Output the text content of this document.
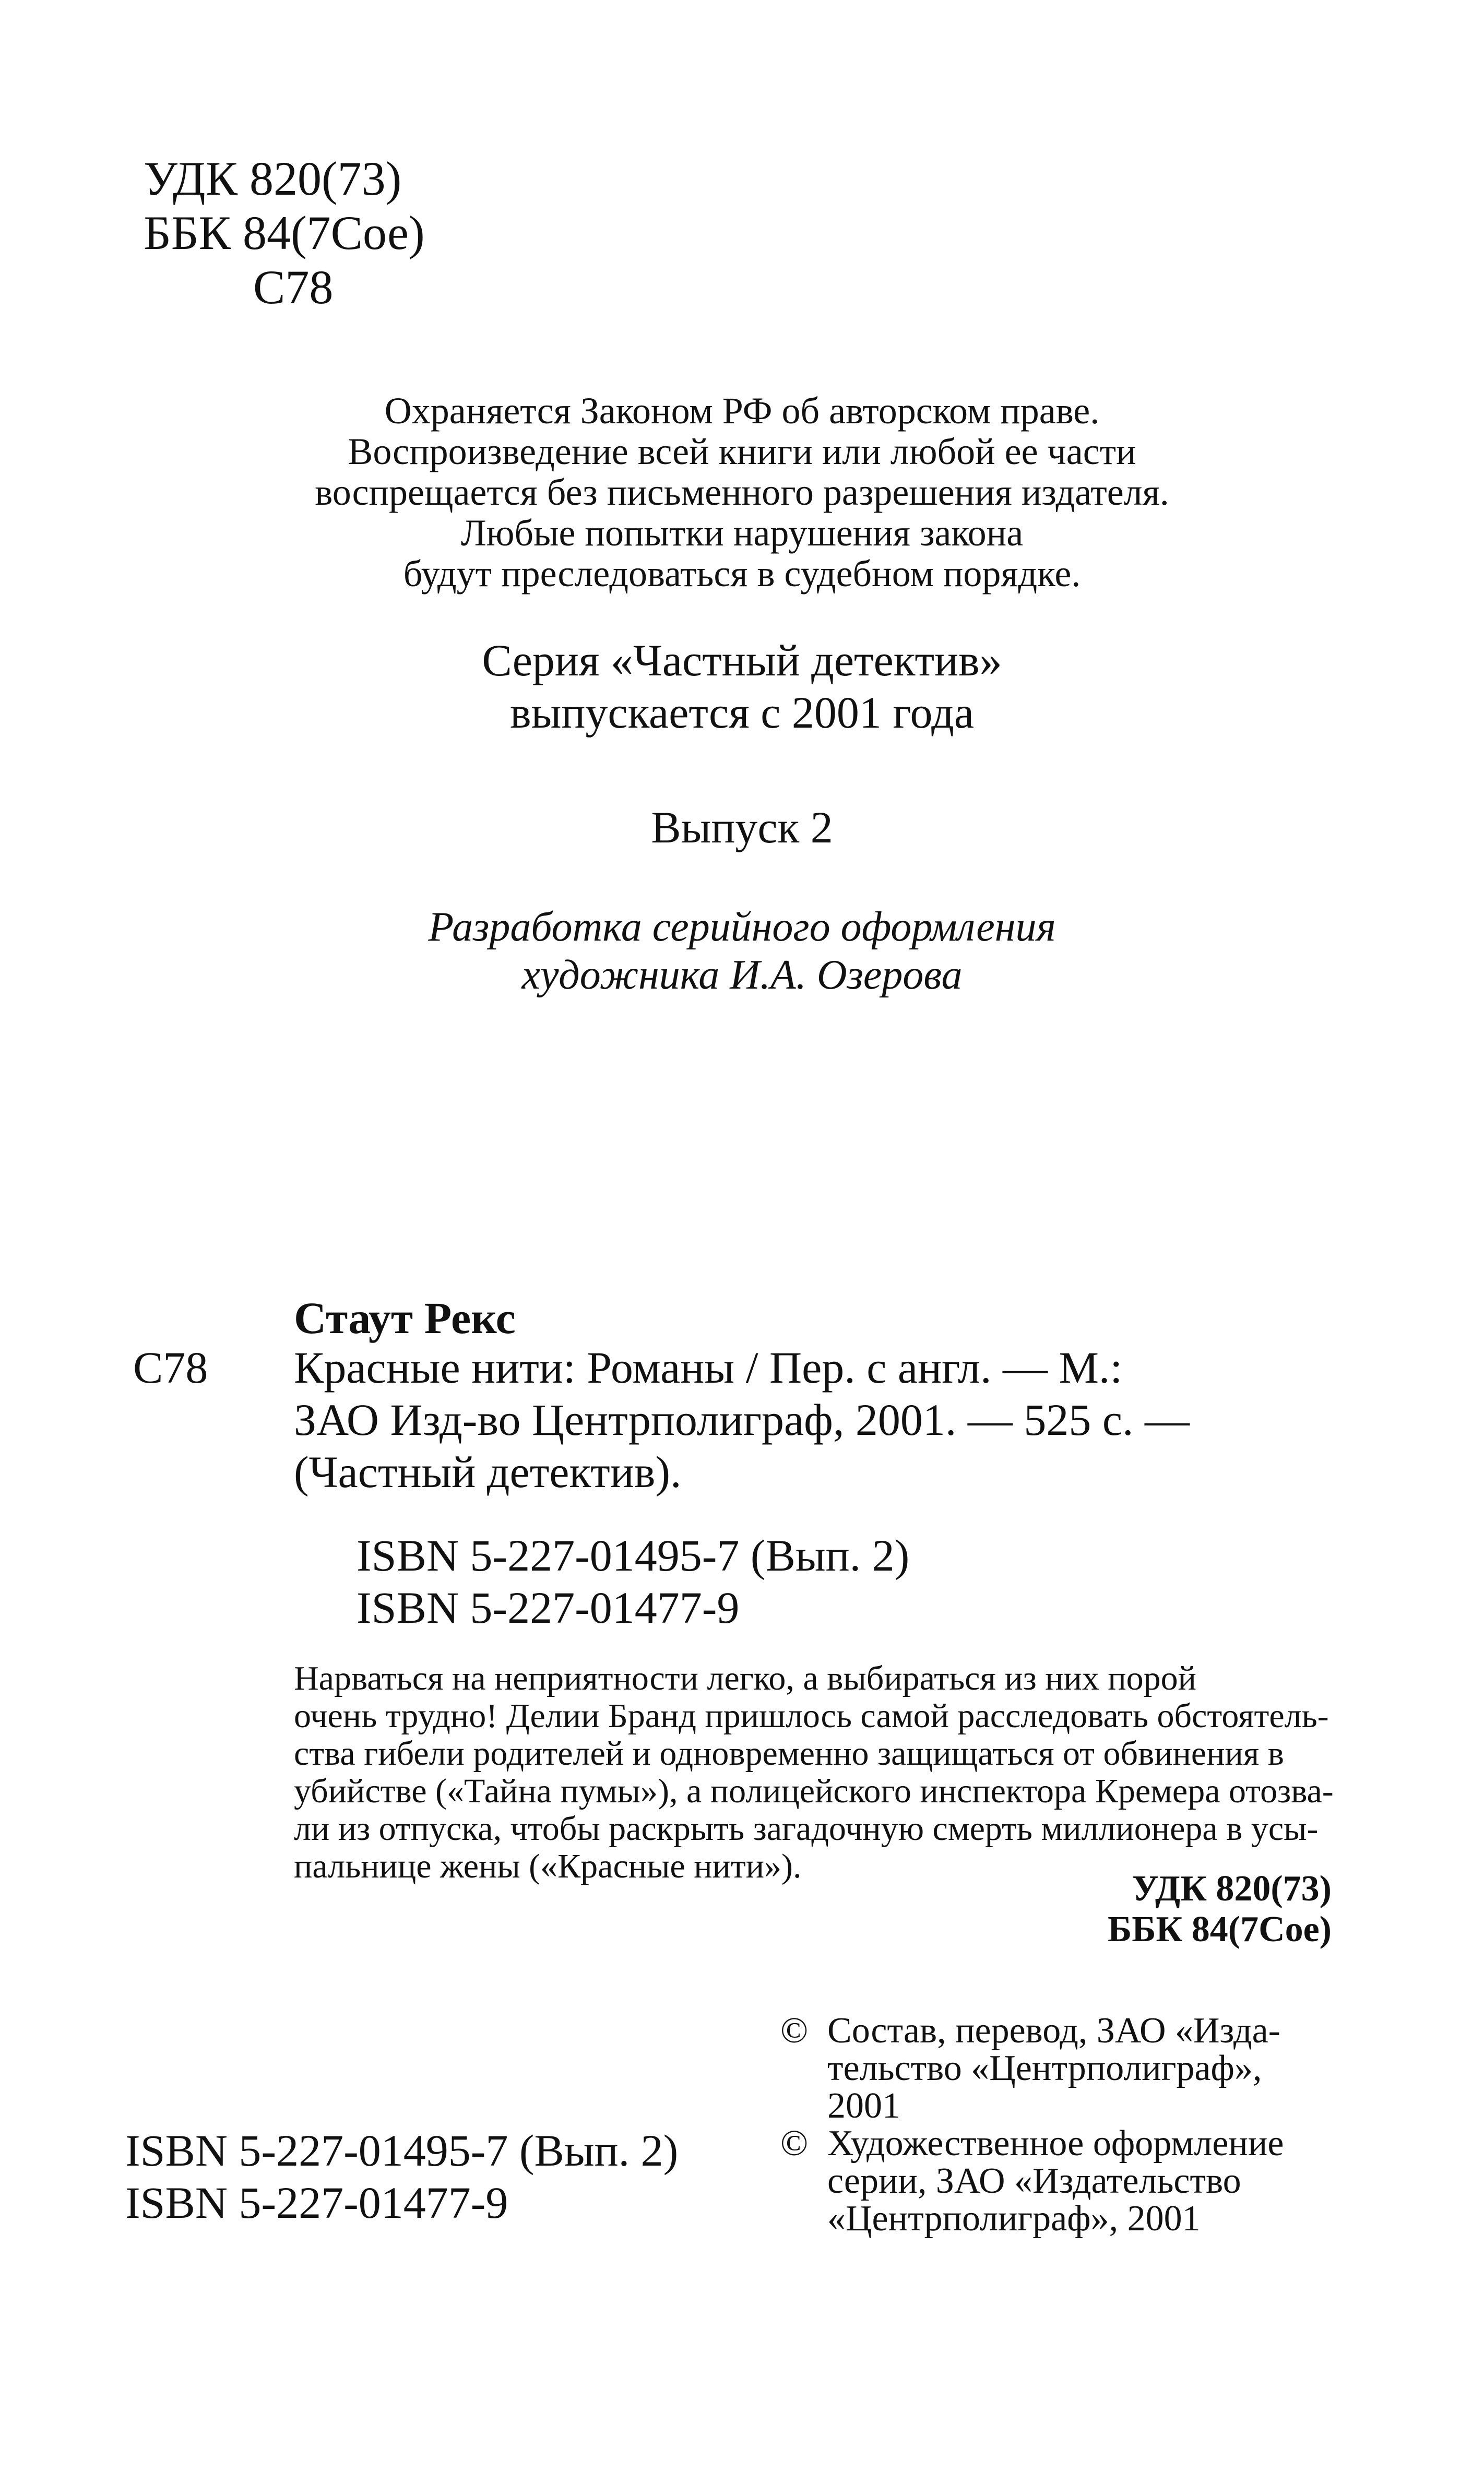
УДК 820(73)
ББК 84(7Сое)
С78
Охраняется Законом РФ об авторском праве.
Воспроизведение всей книги или любой ее части
воспрещается без письменного разрешения издателя.
Любые попытки нарушения закона
будут преследоваться в судебном порядке.
Серия «Частный детектив»
выпускается с 2001 года
Выпуск 2
Разработка серийного оформления
художника И.А. Озерова
Стаут Рекс
С78 Красные нити: Романы / Пер. с англ. — М.:
ЗАО Изд-во Центрполиграф, 2001. — 525 с. —
(Частный детектив).
ISBN 5-227-01495-7 (Вып. 2)
ISBN 5-227-01477-9
Нарваться на неприятности легко, а выбираться из них порой
очень трудно! Делии Бранд пришлось самой расследовать обстоятель-
ства гибели родителей и одновременно защищаться от обвинения в
убийстве («Тайна пумы»), а полицейского инспектора Кремера отозва-
ли из отпуска, чтобы раскрыть загадочную смерть миллионера в усы-
пальнице жены («Красные нити»).
УДК 820(73)
ББК 84(7Сое)
ISBN 5-227-01495-7 (Вып. 2)
ISBN 5-227-01477-9
© Состав, перевод, ЗАО «Изда-
тельство «Центрполиграф»,
2001
© Художественное оформление
серии, ЗАО «Издательство
«Центрполиграф», 2001
